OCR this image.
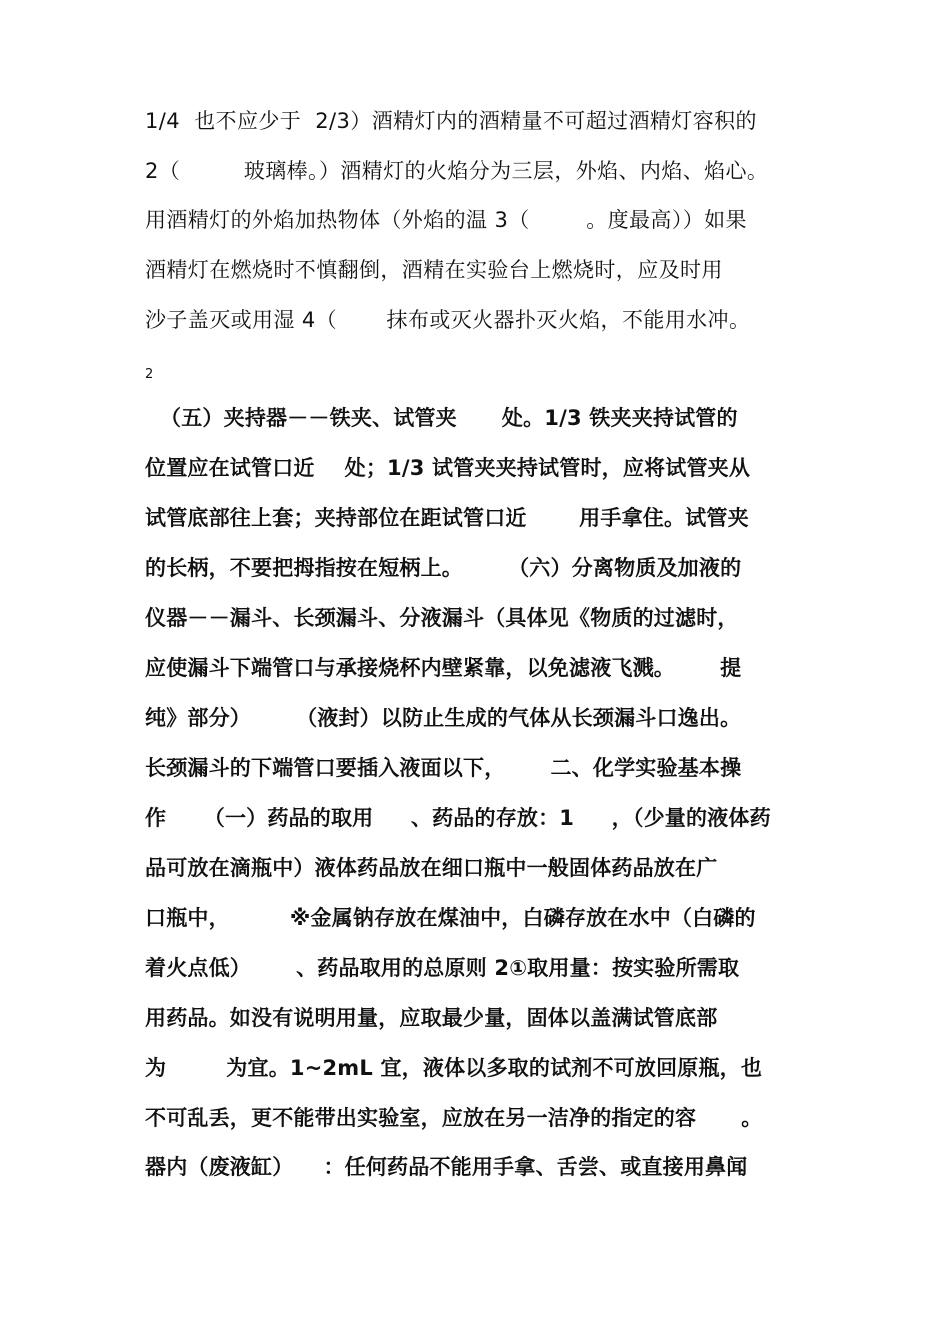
1/4  也不应少于  2/3）酒精灯内的酒精量不可超过酒精灯容积的
2（         玻璃棒。）酒精灯的火焰分为三层，外焰、内焰、焰心。
用酒精灯的外焰加热物体（外焰的温 3（        。度最高））如果
酒精灯在燃烧时不慎翻倒，酒精在实验台上燃烧时，应及时用
沙子盖灭或用湿 4（       抹布或灭火器扑灭火焰，不能用水冲。
2
（五）夹持器－－铁夹、试管夹      处。1/3 铁夹夹持试管的
位置应在试管口近    处；1/3 试管夹夹持试管时，应将试管夹从
试管底部往上套；夹持部位在距试管口近       用手拿住。试管夹
的长柄，不要把拇指按在短柄上。      （六）分离物质及加液的
仪器－－漏斗、长颈漏斗、分液漏斗（具体见《物质的过滤时，
应使漏斗下端管口与承接烧杯内壁紧靠，以免滤液飞溅。      提
纯》部分）      （液封）以防止生成的气体从长颈漏斗口逸出。
长颈漏斗的下端管口要插入液面以下，      二、化学实验基本操
作     （一）药品的取用     、药品的存放：1     ，（少量的液体药
品可放在滴瓶中）液体药品放在细口瓶中一般固体药品放在广
口瓶中，        ※金属钠存放在煤油中，白磷存放在水中（白磷的
着火点低）      、药品取用的总原则 2①取用量：按实验所需取
用药品。如没有说明用量，应取最少量，固体以盖满试管底部
为        为宜。1~2mL 宜，液体以多取的试剂不可放回原瓶，也
不可乱丢，更不能带出实验室，应放在另一洁净的指定的容      。
器内（废液缸）    ：任何药品不能用手拿、舌尝、或直接用鼻闻
